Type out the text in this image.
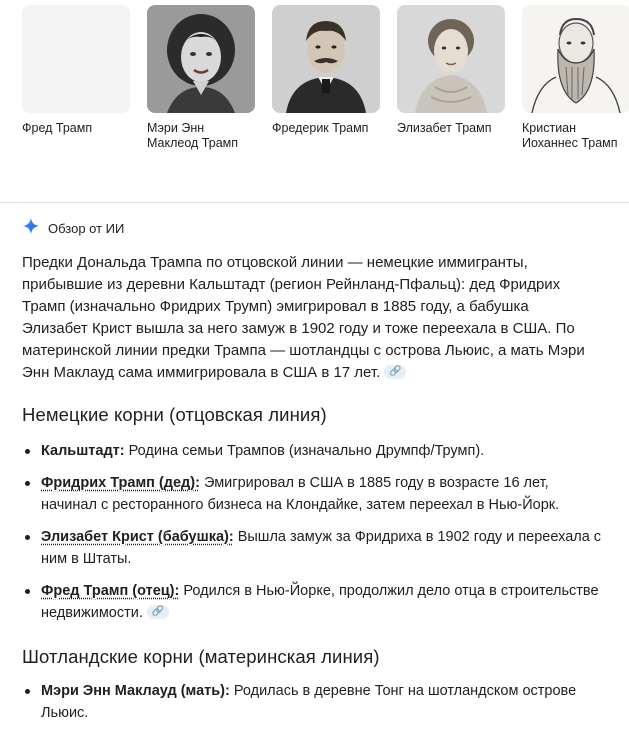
Фред Трамп	Мэри Энн Маклеод Трамп
Фредерик Трамп	Элизабет Трамп	Кристиан Иоханнес Трамп
Обзор от ИИ
Предки Дональда Трампа по отцовской линии — немецкие иммигранты, прибывшие из деревни Кальштадт (регион Рейнланд-Пфальц): дед Фридрих Трамп (изначально Фридрих Трумп) эмигрировал в 1885 году, а бабушка Элизабет Крист вышла за него замуж в 1902 году и тоже переехала в США. По материнской линии предки Трампа — шотландцы с острова Льюис, а мать Мэри Энн Маклауд сама иммигрировала в США в 17 лет. 🔗
Немецкие корни (отцовская линия)
Кальштадт: Родина семьи Трампов (изначально Друмпф/Трумп).
Фридрих Трамп (дед): Эмигрировал в США в 1885 году в возрасте 16 лет, начинал с ресторанного бизнеса на Клондайке, затем переехал в Нью-Йорк.
Элизабет Крист (бабушка): Вышла замуж за Фридриха в 1902 году и переехала с ним в Штаты.
Фред Трамп (отец): Родился в Нью-Йорке, продолжил дело отца в строительстве недвижимости. 🔗
Шотландские корни (материнская линия)
Мэри Энн Маклауд (мать): Родилась в деревне Тонг на шотландском острове Льюис.
